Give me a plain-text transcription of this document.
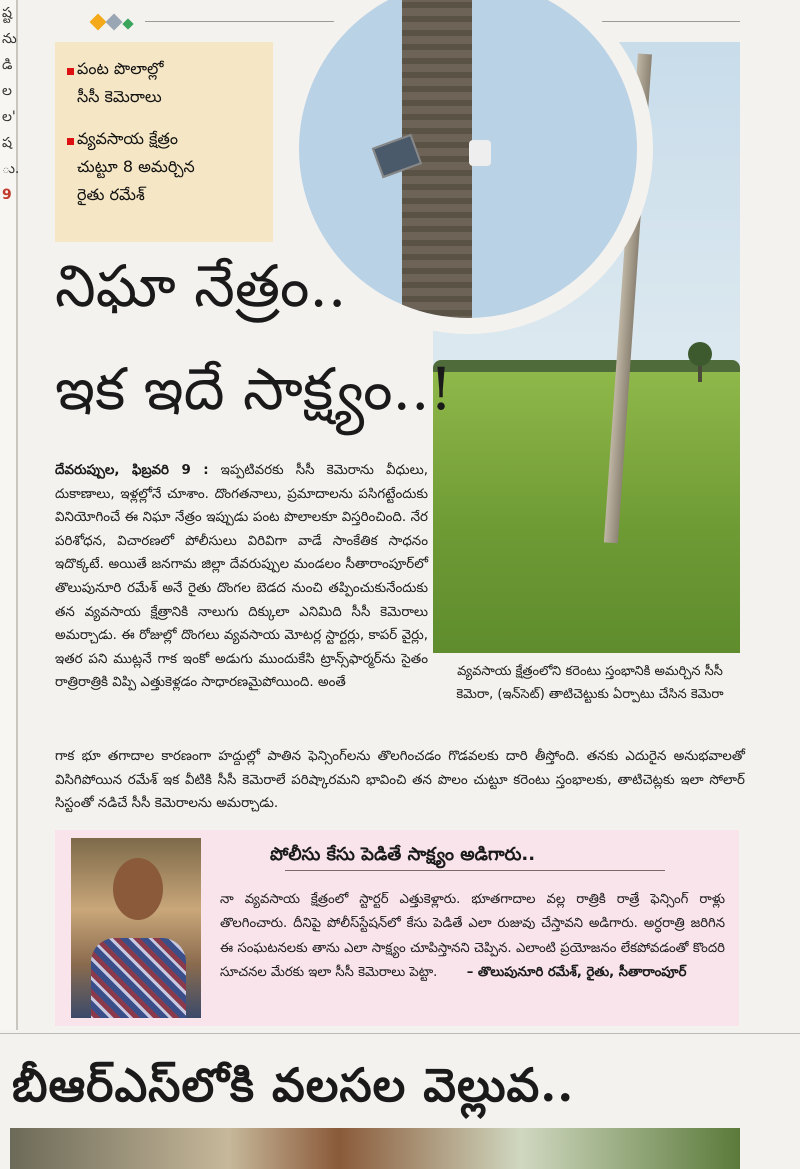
ష్ట
ను
డి
ల
ల'
ష
ు.
9
పంట పొలాల్లో
సీసీ కెమెరాలు
వ్యవసాయ క్షేత్రం
చుట్టూ 8 అమర్చిన
రైతు రమేశ్
నిఘా నేత్రం..
ఇక ఇదే సాక్ష్యం..!
దేవరుప్పుల, ఫిబ్రవరి 9 : ఇప్పటివరకు సీసీ కెమెరాను వీధులు, దుకాణాలు, ఇళ్లల్లోనే చూశాం. దొంగతనాలు, ప్రమాదాలను పసిగట్టేందుకు వినియోగించే ఈ నిఘా నేత్రం ఇప్పుడు పంట పొలాలకూ విస్తరించింది. నేర పరిశోధన, విచారణలో పోలీసులు విరివిగా వాడే సాంకేతిక సాధనం ఇదొక్కటే. అయితే జనగామ జిల్లా దేవరుప్పుల మండలం సీతారాంపూర్‌లో తొలుపునూరి రమేశ్ అనే రైతు దొంగల బెడద నుంచి తప్పించుకునేందుకు తన వ్యవసాయ క్షేత్రానికి నాలుగు దిక్కులా ఎనిమిది సీసీ కెమెరాలు అమర్చాడు. ఈ రోజుల్లో దొంగలు వ్యవసాయ మోటర్ల స్టార్టర్లు, కాపర్ వైర్లు, ఇతర పని ముట్లనే గాక ఇంకో అడుగు ముందుకేసి ట్రాన్స్‌ఫార్మర్‌ను సైతం రాత్రిరాత్రికి విప్పి ఎత్తుకెళ్లడం సాధారణమైపోయింది. అంతే
గాక భూ తగాదాల కారణంగా హద్దుల్లో పాతిన ఫెన్సింగ్‌లను తొలగించడం గొడవలకు దారి తీస్తోంది. తనకు ఎదురైన అనుభవాలతో విసిగిపోయిన రమేశ్ ఇక వీటికి సీసీ కెమెరాలే పరిష్కారమని భావించి తన పొలం చుట్టూ కరెంటు స్తంభాలకు, తాటిచెట్లకు ఇలా సోలార్ సిస్టంతో నడిచే సీసీ కెమెరాలను అమర్చాడు.
వ్యవసాయ క్షేత్రంలోని కరెంటు స్తంభానికి అమర్చిన సీసీ కెమెరా, (ఇన్‌సెట్) తాటిచెట్టుకు ఏర్పాటు చేసిన కెమెరా
పోలీసు కేసు పెడితే సాక్ష్యం అడిగారు..
నా వ్యవసాయ క్షేత్రంలో స్టార్టర్ ఎత్తుకెళ్లారు. భూతగాదాల వల్ల రాత్రికి రాత్రే ఫెన్సింగ్ రాళ్లు తొలగించారు. దీనిపై పోలీస్‌స్టేషన్‌లో కేసు పెడితే ఎలా రుజువు చేస్తావని అడిగారు. అర్ధరాత్రి జరిగిన ఈ సంఘటనలకు తాను ఎలా సాక్ష్యం చూపిస్తానని చెప్పిన. ఎలాంటి ప్రయోజనం లేకపోవడంతో కొందరి సూచనల మేరకు ఇలా సీసీ కెమెరాలు పెట్టా. – తొలుపునూరి రమేశ్, రైతు, సీతారాంపూర్
బీఆర్ఎస్‌లోకి వలసల వెల్లువ..
